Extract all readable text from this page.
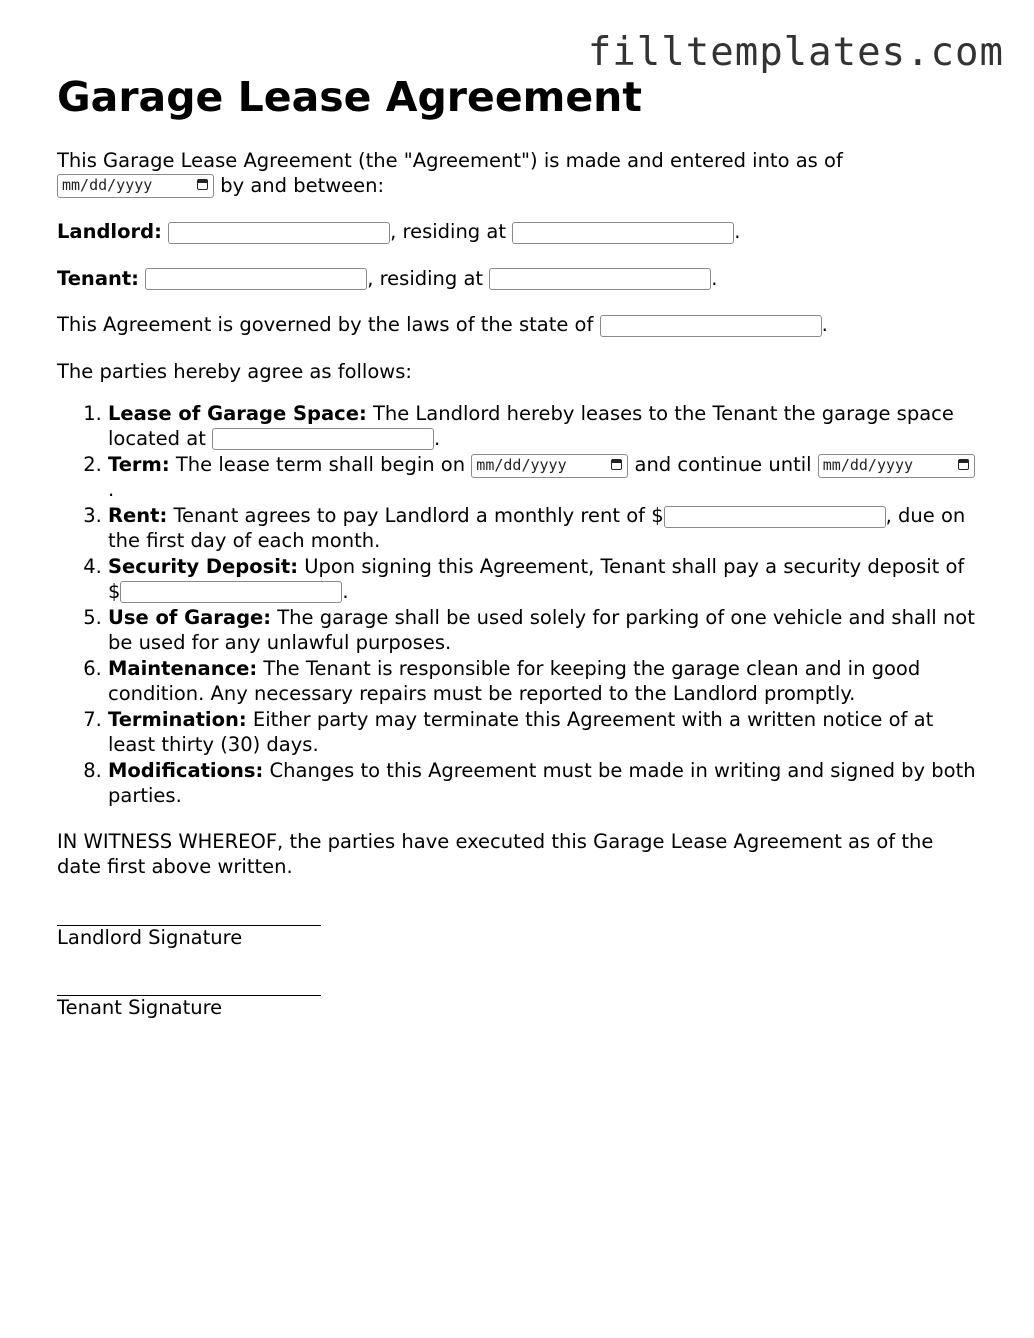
filltemplates.com
Garage Lease Agreement

This Garage Lease Agreement (the "Agreement") is made and entered into as of
mm/dd/yyyy	by and between:

Landlord:	, residing at	.

Tenant:	, residing at	.

This Agreement is governed by the laws of the state of	.

The parties hereby agree as follows:

1. Lease of Garage Space: The Landlord hereby leases to the Tenant the garage space located at	.
2. Term: The lease term shall begin on mm/dd/yyyy	and continue until mm/dd/yyyy
.
3. Rent: Tenant agrees to pay Landlord a monthly rent of $	, due on the first day of each month.
4. Security Deposit: Upon signing this Agreement, Tenant shall pay a security deposit of $	.
5. Use of Garage: The garage shall be used solely for parking of one vehicle and shall not be used for any unlawful purposes.
6. Maintenance: The Tenant is responsible for keeping the garage clean and in good condition. Any necessary repairs must be reported to the Landlord promptly.
7. Termination: Either party may terminate this Agreement with a written notice of at least thirty (30) days.
8. Modifications: Changes to this Agreement must be made in writing and signed by both parties.

IN WITNESS WHEREOF, the parties have executed this Garage Lease Agreement as of the date first above written.

Landlord Signature
Tenant Signature
